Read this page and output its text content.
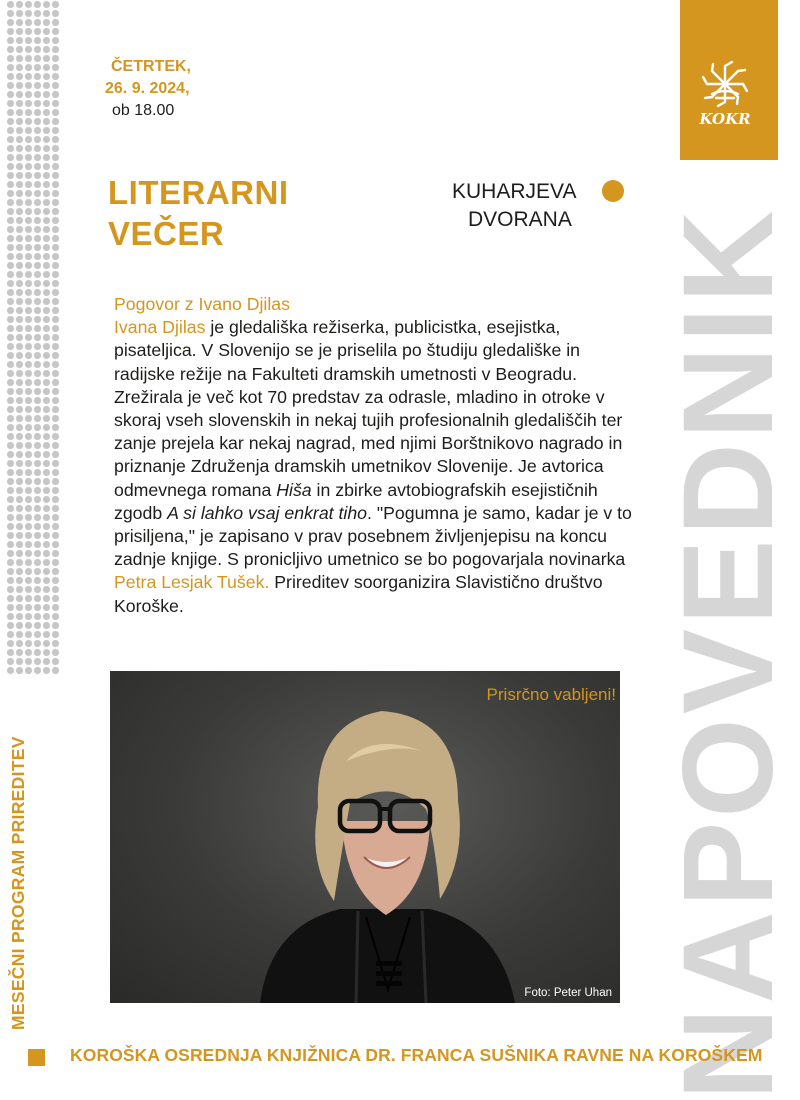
MESEČNI PROGRAM PRIREDITEV	NAPOVEDNIK
KOKR
ČETRTEK,
26. 9. 2024,
ob 18.00
LITERARNI
VEČER
KUHARJEVA
DVORANA

Pogovor z Ivano Djilas

Ivana Djilas je gledališka režiserka, publicistka, esejistka, pisateljica. V Slovenijo se je priselila po študiju gledališke in radijske režije na Fakulteti dramskih umetnosti v Beogradu. Zrežirala je več kot 70 predstav za odrasle, mladino in otroke v skoraj vseh slovenskih in nekaj tujih profesionalnih gledališčih ter zanje prejela kar nekaj nagrad, med njimi Borštnikovo nagrado in priznanje Združenja dramskih umetnikov Slovenije. Je avtorica odmevnega romana Hiša in zbirke avtobiografskih esejističnih zgodb A si lahko vsaj enkrat tiho. "Pogumna je samo, kadar je v to prisiljena," je zapisano v prav posebnem življenjepisu na koncu zadnje knjige. S pronicljivo umetnico se bo pogovarjala novinarka Petra Lesjak Tušek. Prireditev soorganizira Slavistično društvo Koroške.

Prisrčno vabljeni!
Foto: Peter Uhan
KOROŠKA OSREDNJA KNJIŽNICA DR. FRANCA SUŠNIKA RAVNE NA KOROŠKEM
